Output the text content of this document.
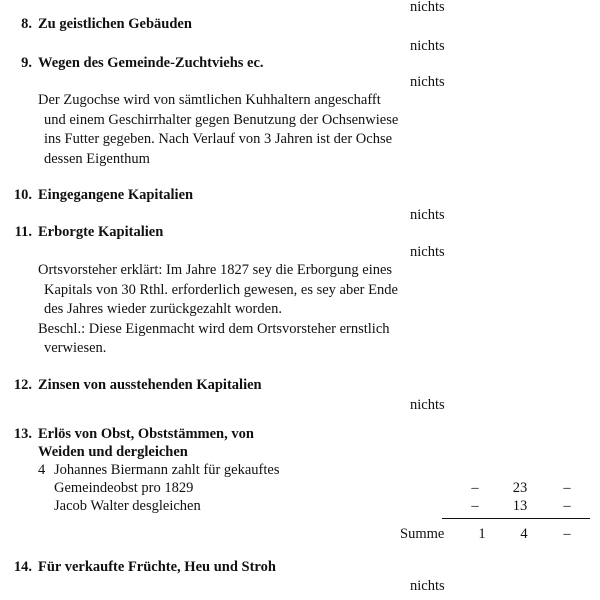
nichts
8. Zu geistlichen Gebäuden
nichts
9. Wegen des Gemeinde-Zuchtviehs ec.
nichts
Der Zugochse wird von sämtlichen Kuhhaltern angeschafft
und einem Geschirrhalter gegen Benutzung der Ochsenwiese
ins Futter gegeben. Nach Verlauf von 3 Jahren ist der Ochse
dessen Eigenthum
10. Eingegangene Kapitalien
nichts
11. Erborgte Kapitalien
nichts
Ortsvorsteher erklärt: Im Jahre 1827 sey die Erborgung eines
Kapitals von 30 Rthl. erforderlich gewesen, es sey aber Ende
des Jahres wieder zurückgezahlt worden.
Beschl.: Diese Eigenmacht wird dem Ortsvorsteher ernstlich
verwiesen.
12. Zinsen von ausstehenden Kapitalien
nichts
13. Erlös von Obst, Obststämmen, von
Weiden und dergleichen
4 Johannes Biermann zahlt für gekauftes
Gemeindeobst pro 1829	–	23	–
Jacob Walter desgleichen	–	13	–
Summe	1	4	–
14. Für verkaufte Früchte, Heu und Stroh
nichts
